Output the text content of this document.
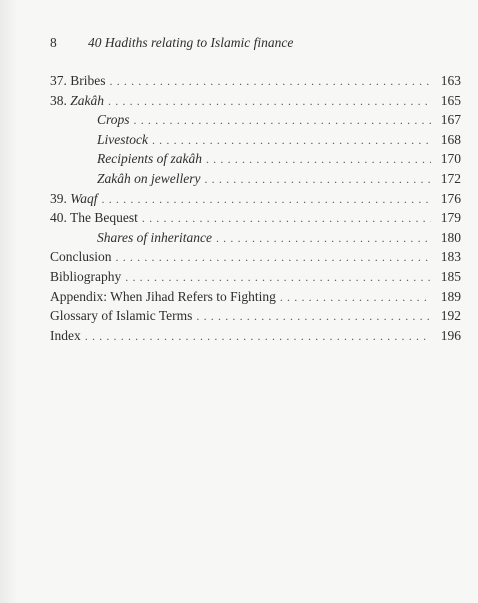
8 40 Hadiths relating to Islamic finance
37. Bribes . . .	163
38. Zakâh . . .	165
Crops . . .	167
Livestock . . .	168
Recipients of zakâh . . .	170
Zakâh on jewellery . . .	172
39. Waqf . . .	176
40. The Bequest . . .	179
Shares of inheritance . . .	180
Conclusion . . .	183
Bibliography . . .	185
Appendix: When Jihad Refers to Fighting . . .	189
Glossary of Islamic Terms . . .	192
Index . . .	196
